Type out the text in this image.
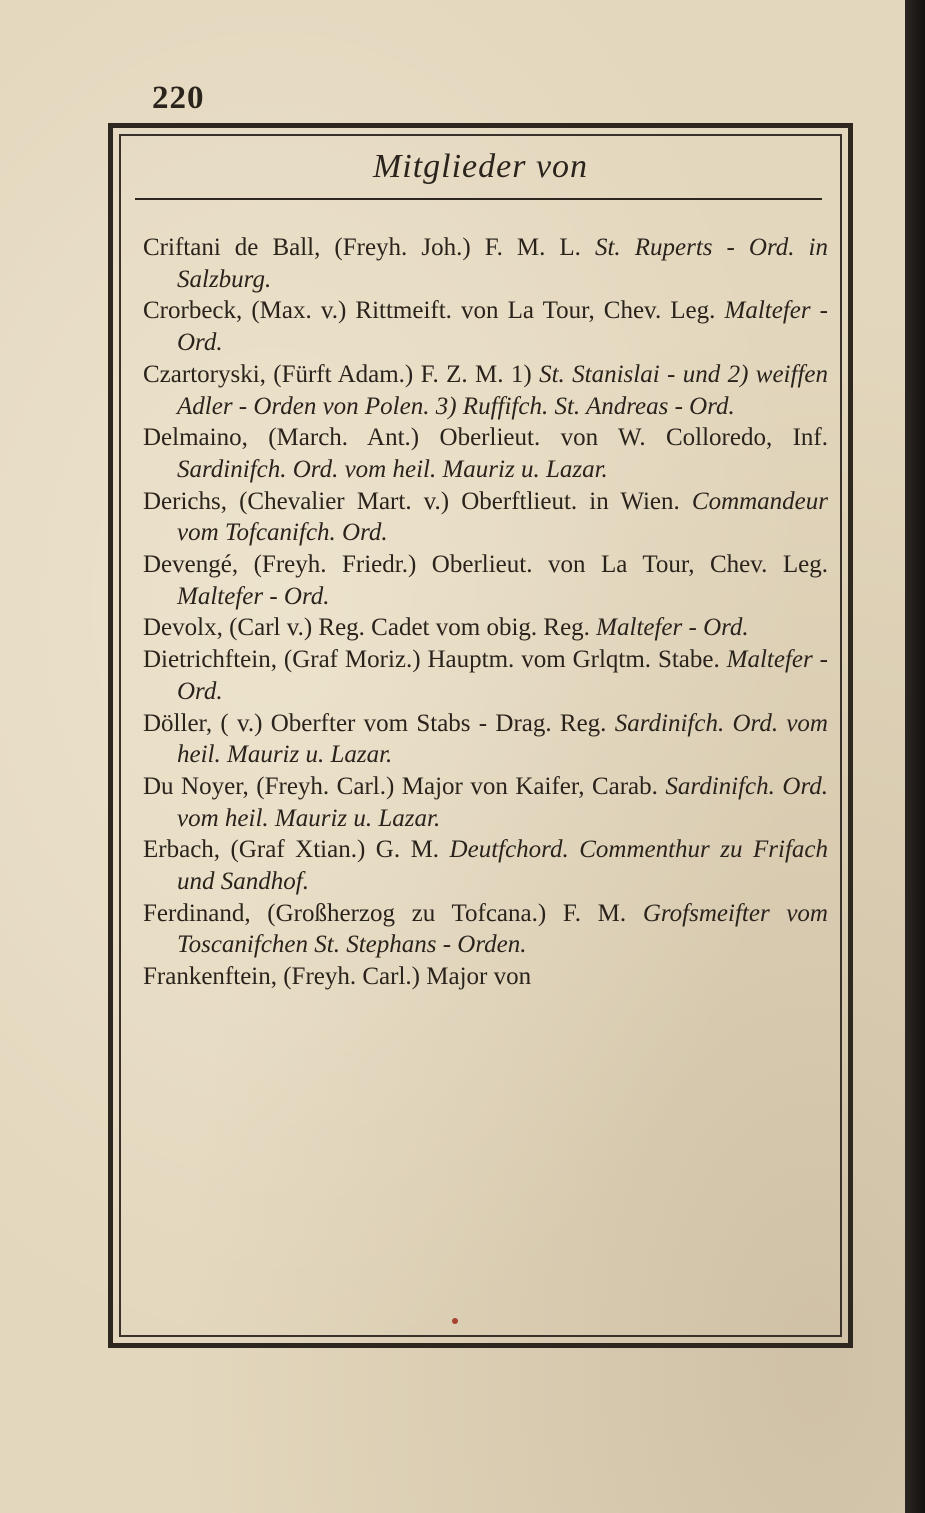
220
Mitglieder von

Criftani de Ball, (Freyh. Joh.) F. M. L. St. Ruperts - Ord. in Salzburg.

Crorbeck, (Max. v.) Rittmeift. von La Tour, Chev. Leg. Maltefer - Ord.

Czartoryski, (Fürft Adam.) F. Z. M. 1) St. Stanislai - und 2) weiffen Adler - Orden von Polen. 3) Ruffifch. St. Andreas - Ord.

Delmaino, (March. Ant.) Oberlieut. von W. Colloredo, Inf. Sardinifch. Ord. vom heil. Mauriz u. Lazar.

Derichs, (Chevalier Mart. v.) Oberftlieut. in Wien. Commandeur vom Tofcanifch. Ord.

Devengé, (Freyh. Friedr.) Oberlieut. von La Tour, Chev. Leg. Maltefer - Ord.

Devolx, (Carl v.) Reg. Cadet vom obig. Reg. Maltefer - Ord.

Dietrichftein, (Graf Moriz.) Hauptm. vom Grlqtm. Stabe. Maltefer - Ord.

Döller, ( v.) Oberfter vom Stabs - Drag. Reg. Sardinifch. Ord. vom heil. Mauriz u. Lazar.

Du Noyer, (Freyh. Carl.) Major von Kaifer, Carab. Sardinifch. Ord. vom heil. Mauriz u. Lazar.

Erbach, (Graf Xtian.) G. M. Deutfchord. Commenthur zu Frifach und Sandhof.

Ferdinand, (Großherzog zu Tofcana.) F. M. Grofsmeifter vom Toscanifchen St. Stephans - Orden.

Frankenftein, (Freyh. Carl.) Major von
